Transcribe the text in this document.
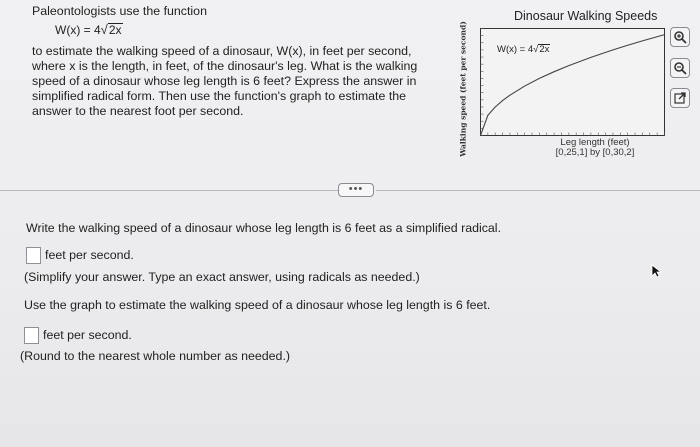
Paleontologists use the function
W(x) = 4√2x
to estimate the walking speed of a dinosaur, W(x), in feet per second,
where x is the length, in feet, of the dinosaur's leg. What is the walking
speed of a dinosaur whose leg length is 6 feet? Express the answer in
simplified radical form. Then use the function's graph to estimate the
answer to the nearest foot per second.
Dinosaur Walking Speeds
Walking speed (feet per second)	W(x) = 4√2x
Leg length (feet)
[0,25,1] by [0,30,2]
•••
Write the walking speed of a dinosaur whose leg length is 6 feet as a simplified radical.
feet per second.
(Simplify your answer. Type an exact answer, using radicals as needed.)
Use the graph to estimate the walking speed of a dinosaur whose leg length is 6 feet.
feet per second.
(Round to the nearest whole number as needed.)
